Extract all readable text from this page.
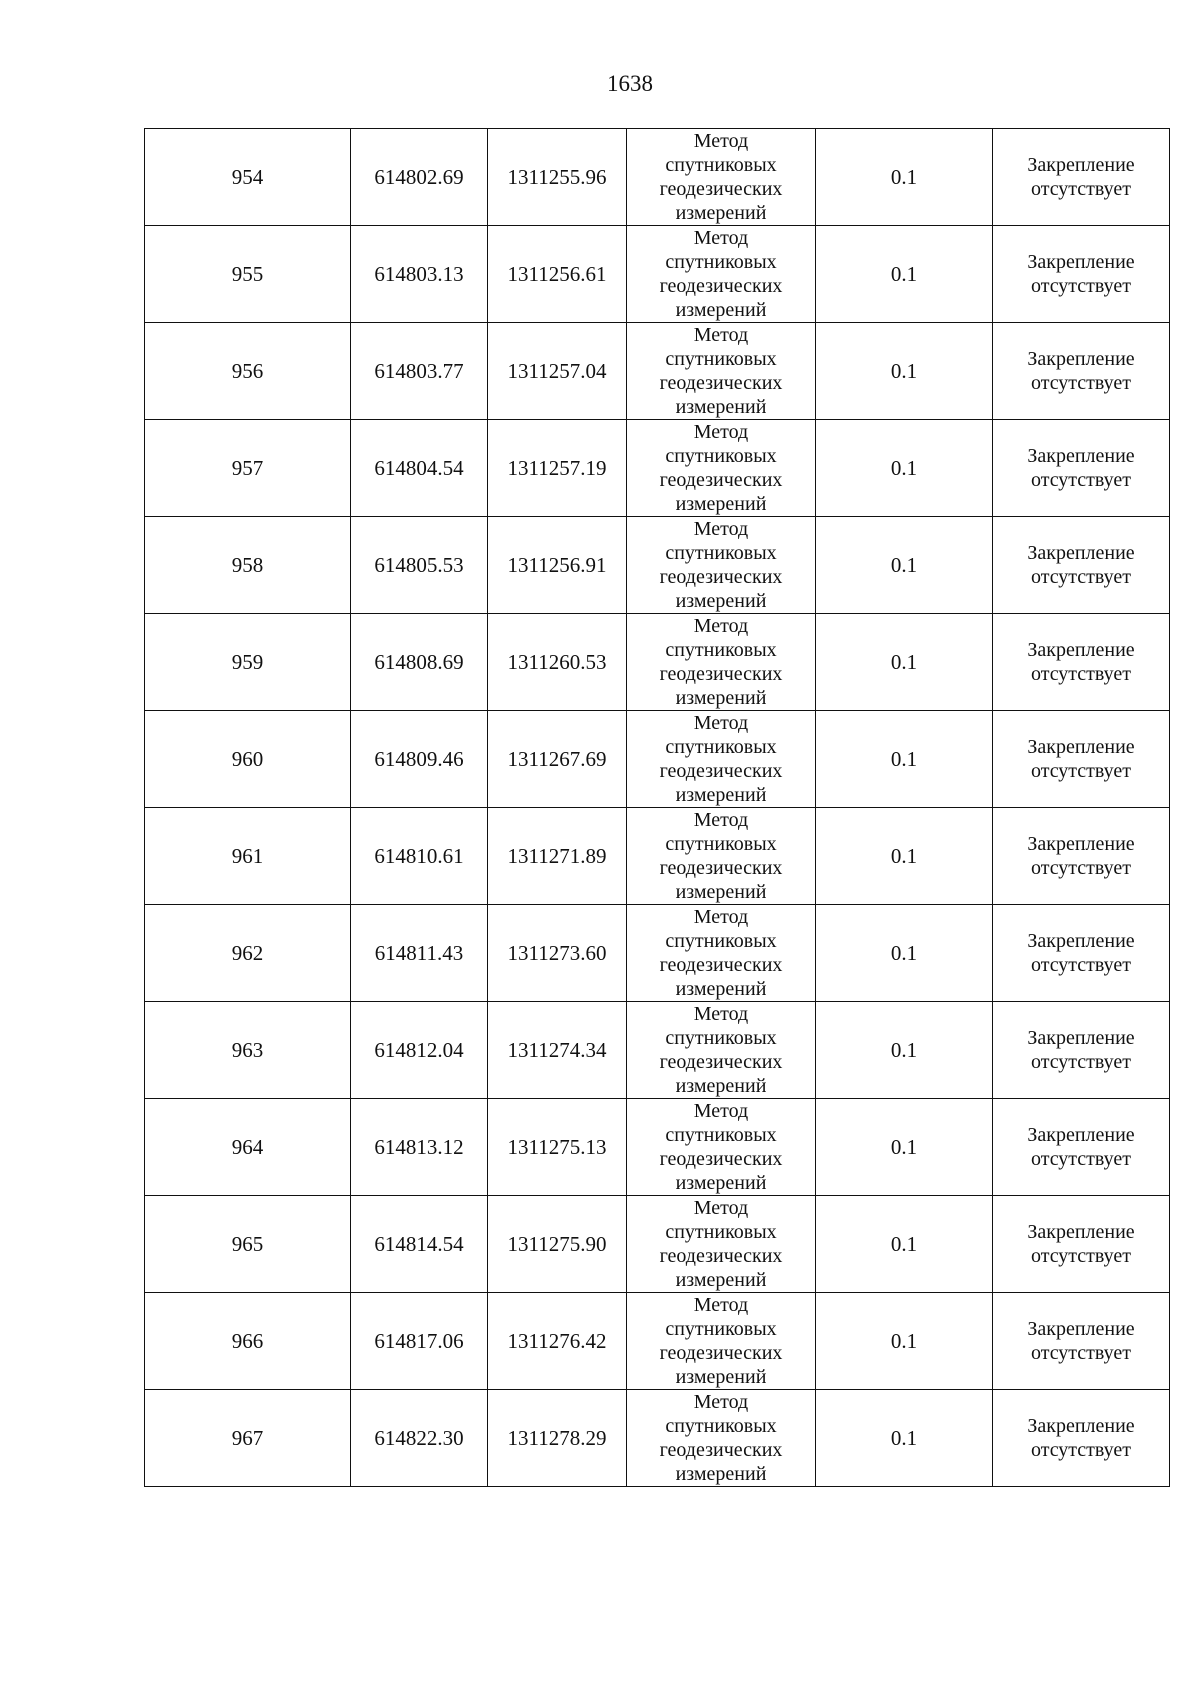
1638
954	614802.69	1311255.96	Метод
спутниковых
геодезических
измерений	0.1	Закрепление
отсутствует

955	614803.13	1311256.61	Метод
спутниковых
геодезических
измерений	0.1	Закрепление
отсутствует

956	614803.77	1311257.04	Метод
спутниковых
геодезических
измерений	0.1	Закрепление
отсутствует

957	614804.54	1311257.19	Метод
спутниковых
геодезических
измерений	0.1	Закрепление
отсутствует

958	614805.53	1311256.91	Метод
спутниковых
геодезических
измерений	0.1	Закрепление
отсутствует

959	614808.69	1311260.53	Метод
спутниковых
геодезических
измерений	0.1	Закрепление
отсутствует

960	614809.46	1311267.69	Метод
спутниковых
геодезических
измерений	0.1	Закрепление
отсутствует

961	614810.61	1311271.89	Метод
спутниковых
геодезических
измерений	0.1	Закрепление
отсутствует

962	614811.43	1311273.60	Метод
спутниковых
геодезических
измерений	0.1	Закрепление
отсутствует

963	614812.04	1311274.34	Метод
спутниковых
геодезических
измерений	0.1	Закрепление
отсутствует

964	614813.12	1311275.13	Метод
спутниковых
геодезических
измерений	0.1	Закрепление
отсутствует

965	614814.54	1311275.90	Метод
спутниковых
геодезических
измерений	0.1	Закрепление
отсутствует

966	614817.06	1311276.42	Метод
спутниковых
геодезических
измерений	0.1	Закрепление
отсутствует

967	614822.30	1311278.29	Метод
спутниковых
геодезических
измерений	0.1	Закрепление
отсутствует
